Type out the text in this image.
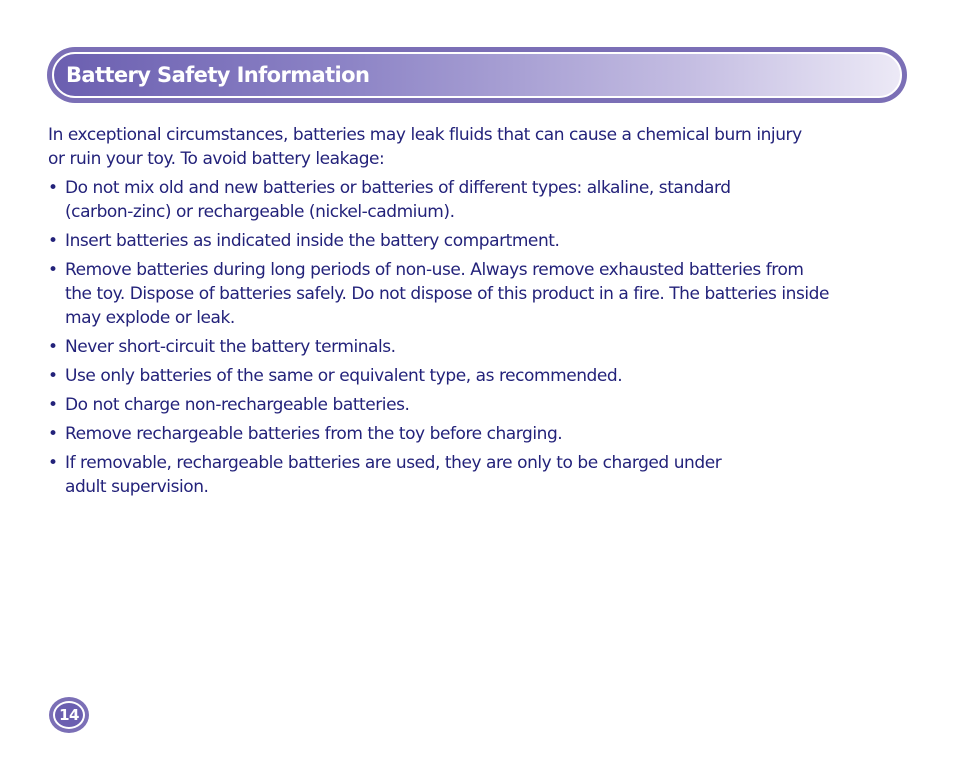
Battery Safety Information

In exceptional circumstances, batteries may leak fluids that can cause a chemical burn injury
or ruin your toy. To avoid battery leakage:

• Do not mix old and new batteries or batteries of different types: alkaline, standard
(carbon-zinc) or rechargeable (nickel-cadmium).
• Insert batteries as indicated inside the battery compartment.
• Remove batteries during long periods of non-use. Always remove exhausted batteries from
the toy. Dispose of batteries safely. Do not dispose of this product in a fire. The batteries inside
may explode or leak.
• Never short-circuit the battery terminals.
• Use only batteries of the same or equivalent type, as recommended.
• Do not charge non-rechargeable batteries.
• Remove rechargeable batteries from the toy before charging.
• If removable, rechargeable batteries are used, they are only to be charged under
adult supervision.
14
